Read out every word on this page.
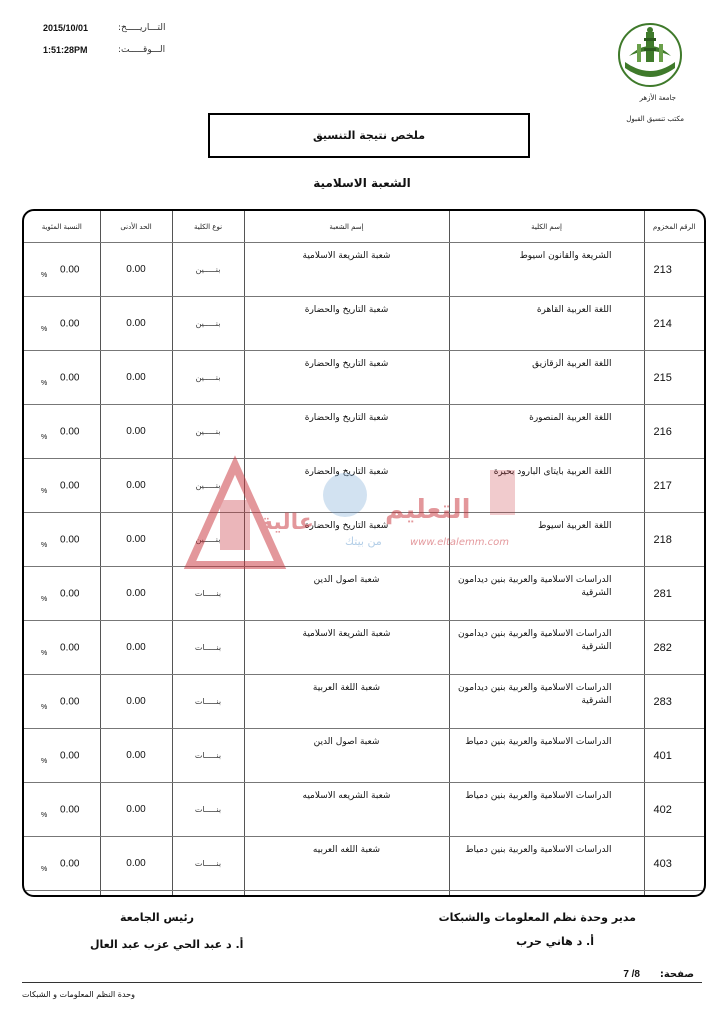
التـــاريـــــخ:
2015/10/01
الـــوقـــــت:
1:51:28PM
جامعة الأزهر
مكتب تنسيق القبول
ملخص نتيجة التنسيق
الشعبة الاسلامية
الرقم المخزوم	إسم الكلية	إسم الشعبة	نوع الكلية	الحد الأدنى	النسبة المئوية
213	الشريعة والقانون اسيوط	شعبة الشريعة الاسلامية	بنـــــين	0.00	0.00
%

214	اللغة العربية القاهرة	شعبة التاريخ والحضارة	بنـــــين	0.00	0.00
%

215	اللغة العربية الزقازيق	شعبة التاريخ والحضارة	بنـــــين	0.00	0.00
%

216	اللغة العربية المنصورة	شعبة التاريخ والحضارة	بنـــــين	0.00	0.00
%

217	اللغة العربية بايتاى البارود بحيرة	شعبة التاريخ والحضارة	بنـــــين	0.00	0.00
%

218	اللغة العربية اسيوط	شعبة التاريخ والحضارة	بنـــــين	0.00	0.00
%

281	الدراسات الاسلامية والعربية بنين ديدامون الشرقية	شعبة اصول الدين	بنـــــات	0.00	0.00
%

282	الدراسات الاسلامية والعربية بنين ديدامون الشرقية	شعبة الشريعة الاسلامية	بنـــــات	0.00	0.00
%

283	الدراسات الاسلامية والعربية بنين ديدامون الشرقية	شعبة اللغة العربية	بنـــــات	0.00	0.00
%

401	الدراسات الاسلامية والعربية بنين دمياط	شعبة اصول الدين	بنـــــات	0.00	0.00
%

402	الدراسات الاسلامية والعربية بنين دمياط	شعبة الشريعه الاسلاميه	بنـــــات	0.00	0.00
%

403	الدراسات الاسلامية والعربية بنين دمياط	شعبة اللغه العربيه	بنـــــات	0.00	0.00
%

عالية	التعليم
من بيتك	www.eltalemm.com
مدير وحدة نظم المعلومات والشبكات
أ. د هاني حرب
رئيس الجامعة
أ. د عبد الحي عزب عبد العال
صفحة:
7 /8
وحدة النظم المعلومات و الشبكات
